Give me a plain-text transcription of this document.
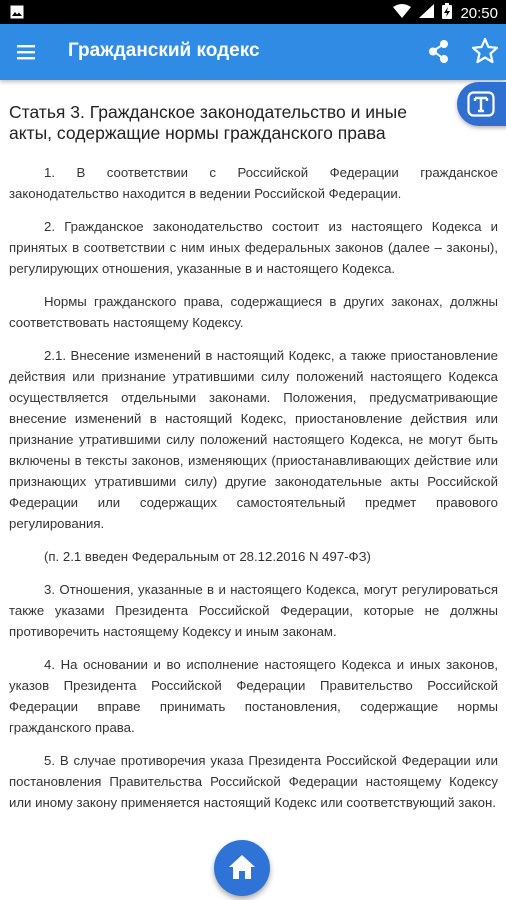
20:50
Гражданский кодекс
Статья 3. Гражданское законодательство и иные акты, содержащие нормы гражданского права

1. В соответствии с Российской Федерации гражданское законодательство находится в ведении Российской Федерации.

2. Гражданское законодательство состоит из настоящего Кодекса и принятых в соответствии с ним иных федеральных законов (далее – законы), регулирующих отношения, указанные в и настоящего Кодекса.

Нормы гражданского права, содержащиеся в других законах, должны соответствовать настоящему Кодексу.

2.1. Внесение изменений в настоящий Кодекс, а также приостановление действия или признание утратившими силу положений настоящего Кодекса осуществляется отдельными законами. Положения, предусматривающие внесение изменений в настоящий Кодекс, приостановление действия или признание утратившими силу положений настоящего Кодекса, не могут быть включены в тексты законов, изменяющих (приостанавливающих действие или признающих утратившими силу) другие законодательные акты Российской Федерации или содержащих самостоятельный предмет правового регулирования.

(п. 2.1 введен Федеральным от 28.12.2016 N 497-ФЗ)

3. Отношения, указанные в и настоящего Кодекса, могут регулироваться также указами Президента Российской Федерации, которые не должны противоречить настоящему Кодексу и иным законам.

4. На основании и во исполнение настоящего Кодекса и иных законов, указов Президента Российской Федерации Правительство Российской Федерации вправе принимать постановления, содержащие нормы гражданского права.

5. В случае противоречия указа Президента Российской Федерации или постановления Правительства Российской Федерации настоящему Кодексу или иному закону применяется настоящий Кодекс или соответствующий закон.
